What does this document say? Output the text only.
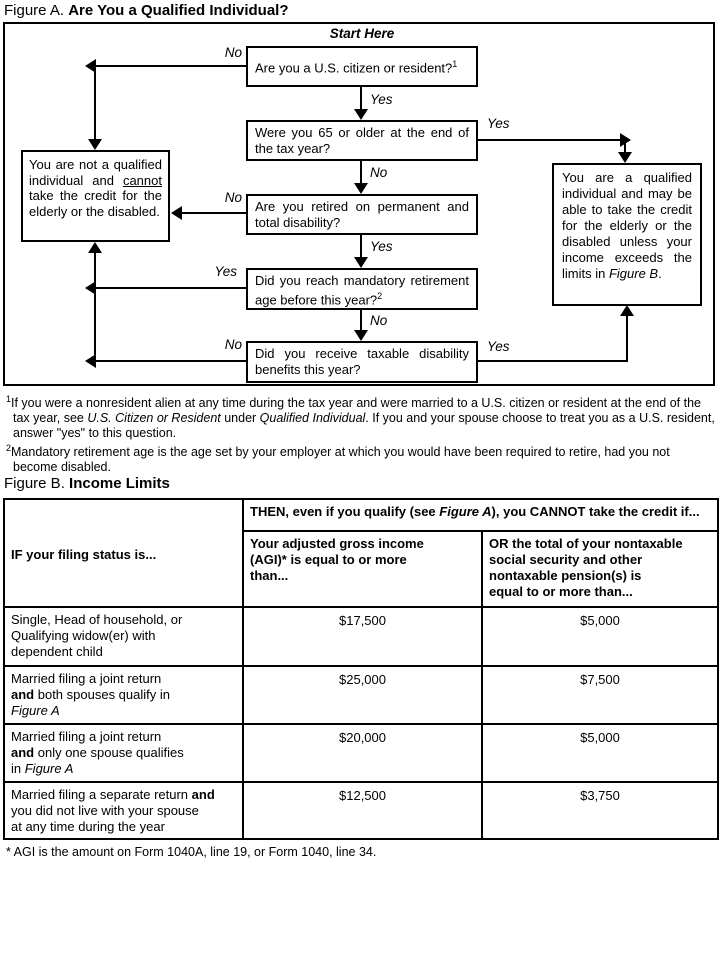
Figure A. Are You a Qualified Individual?
Start Here
Are you a U.S. citizen or resident?$^1$
Were you 65 or older at the end of the tax year?
Are you retired on permanent and total disability?
Did you reach mandatory retirement age before this year?$^2$
Did you receive taxable disability benefits this year?
You are not a qualified individual and cannot take the credit for the elderly or the disabled.
You are a qualified individual and may be able to take the credit for the elderly or the disabled unless your income exceeds the limits in Figure B.
Yes
No
Yes
No
No
No
Yes
No
Yes
Yes
$^1$If you were a nonresident alien at any time during the tax year and were married to a U.S. citizen or resident at the end of the tax year, see U.S. Citizen or Resident under Qualified Individual. If you and your spouse choose to treat you as a U.S. resident, answer "yes" to this question.
$^2$Mandatory retirement age is the age set by your employer at which you would have been required to retire, had you not become disabled.
Figure B. Income Limits
IF your filing status is...	THEN, even if you qualify (see Figure A), you CANNOT take the credit if...	

Your adjusted gross income
(AGI)* is equal to or more
than...

OR the total of your nontaxable
social security and other
nontaxable pension(s) is
equal to or more than...

Single, Head of household, or
Qualifying widow(er) with
dependent child	$17,500	$5,000

Married filing a joint return
and both spouses qualify in
Figure A	$25,000	$7,500

Married filing a joint return
and only one spouse qualifies
in Figure A	$20,000	$5,000

Married filing a separate return and
you did not live with your spouse
at any time during the year	$12,500	$3,750
* AGI is the amount on Form 1040A, line 19, or Form 1040, line 34.
